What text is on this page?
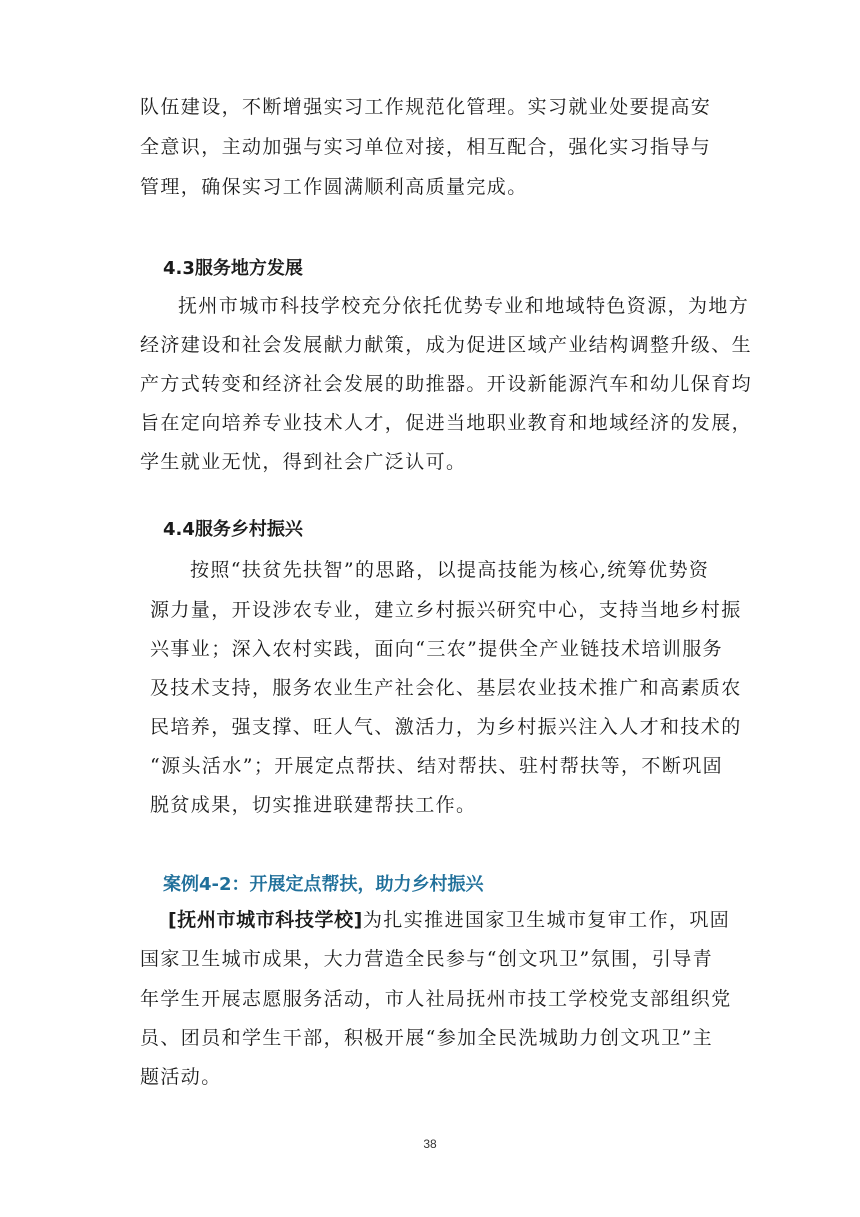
队伍建设，不断增强实习工作规范化管理。实习就业处要提高安
全意识，主动加强与实习单位对接，相互配合，强化实习指导与
管理，确保实习工作圆满顺利高质量完成。
4.3服务地方发展
抚州市城市科技学校充分依托优势专业和地域特色资源，为地方
经济建设和社会发展献力献策，成为促进区域产业结构调整升级、生
产方式转变和经济社会发展的助推器。开设新能源汽车和幼儿保育均
旨在定向培养专业技术人才，促进当地职业教育和地域经济的发展，
学生就业无忧，得到社会广泛认可。
4.4服务乡村振兴
按照“扶贫先扶智”的思路，以提高技能为核心,统筹优势资
源力量，开设涉农专业，建立乡村振兴研究中心，支持当地乡村振
兴事业；深入农村实践，面向“三农”提供全产业链技术培训服务
及技术支持，服务农业生产社会化、基层农业技术推广和高素质农
民培养，强支撑、旺人气、激活力，为乡村振兴注入人才和技术的
“源头活水”；开展定点帮扶、结对帮扶、驻村帮扶等，不断巩固
脱贫成果，切实推进联建帮扶工作。
案例4-2：开展定点帮扶，助力乡村振兴
[抚州市城市科技学校]为扎实推进国家卫生城市复审工作，巩固
国家卫生城市成果，大力营造全民参与“创文巩卫”氛围，引导青
年学生开展志愿服务活动，市人社局抚州市技工学校党支部组织党
员、团员和学生干部，积极开展“参加全民洗城助力创文巩卫”主
题活动。
38
